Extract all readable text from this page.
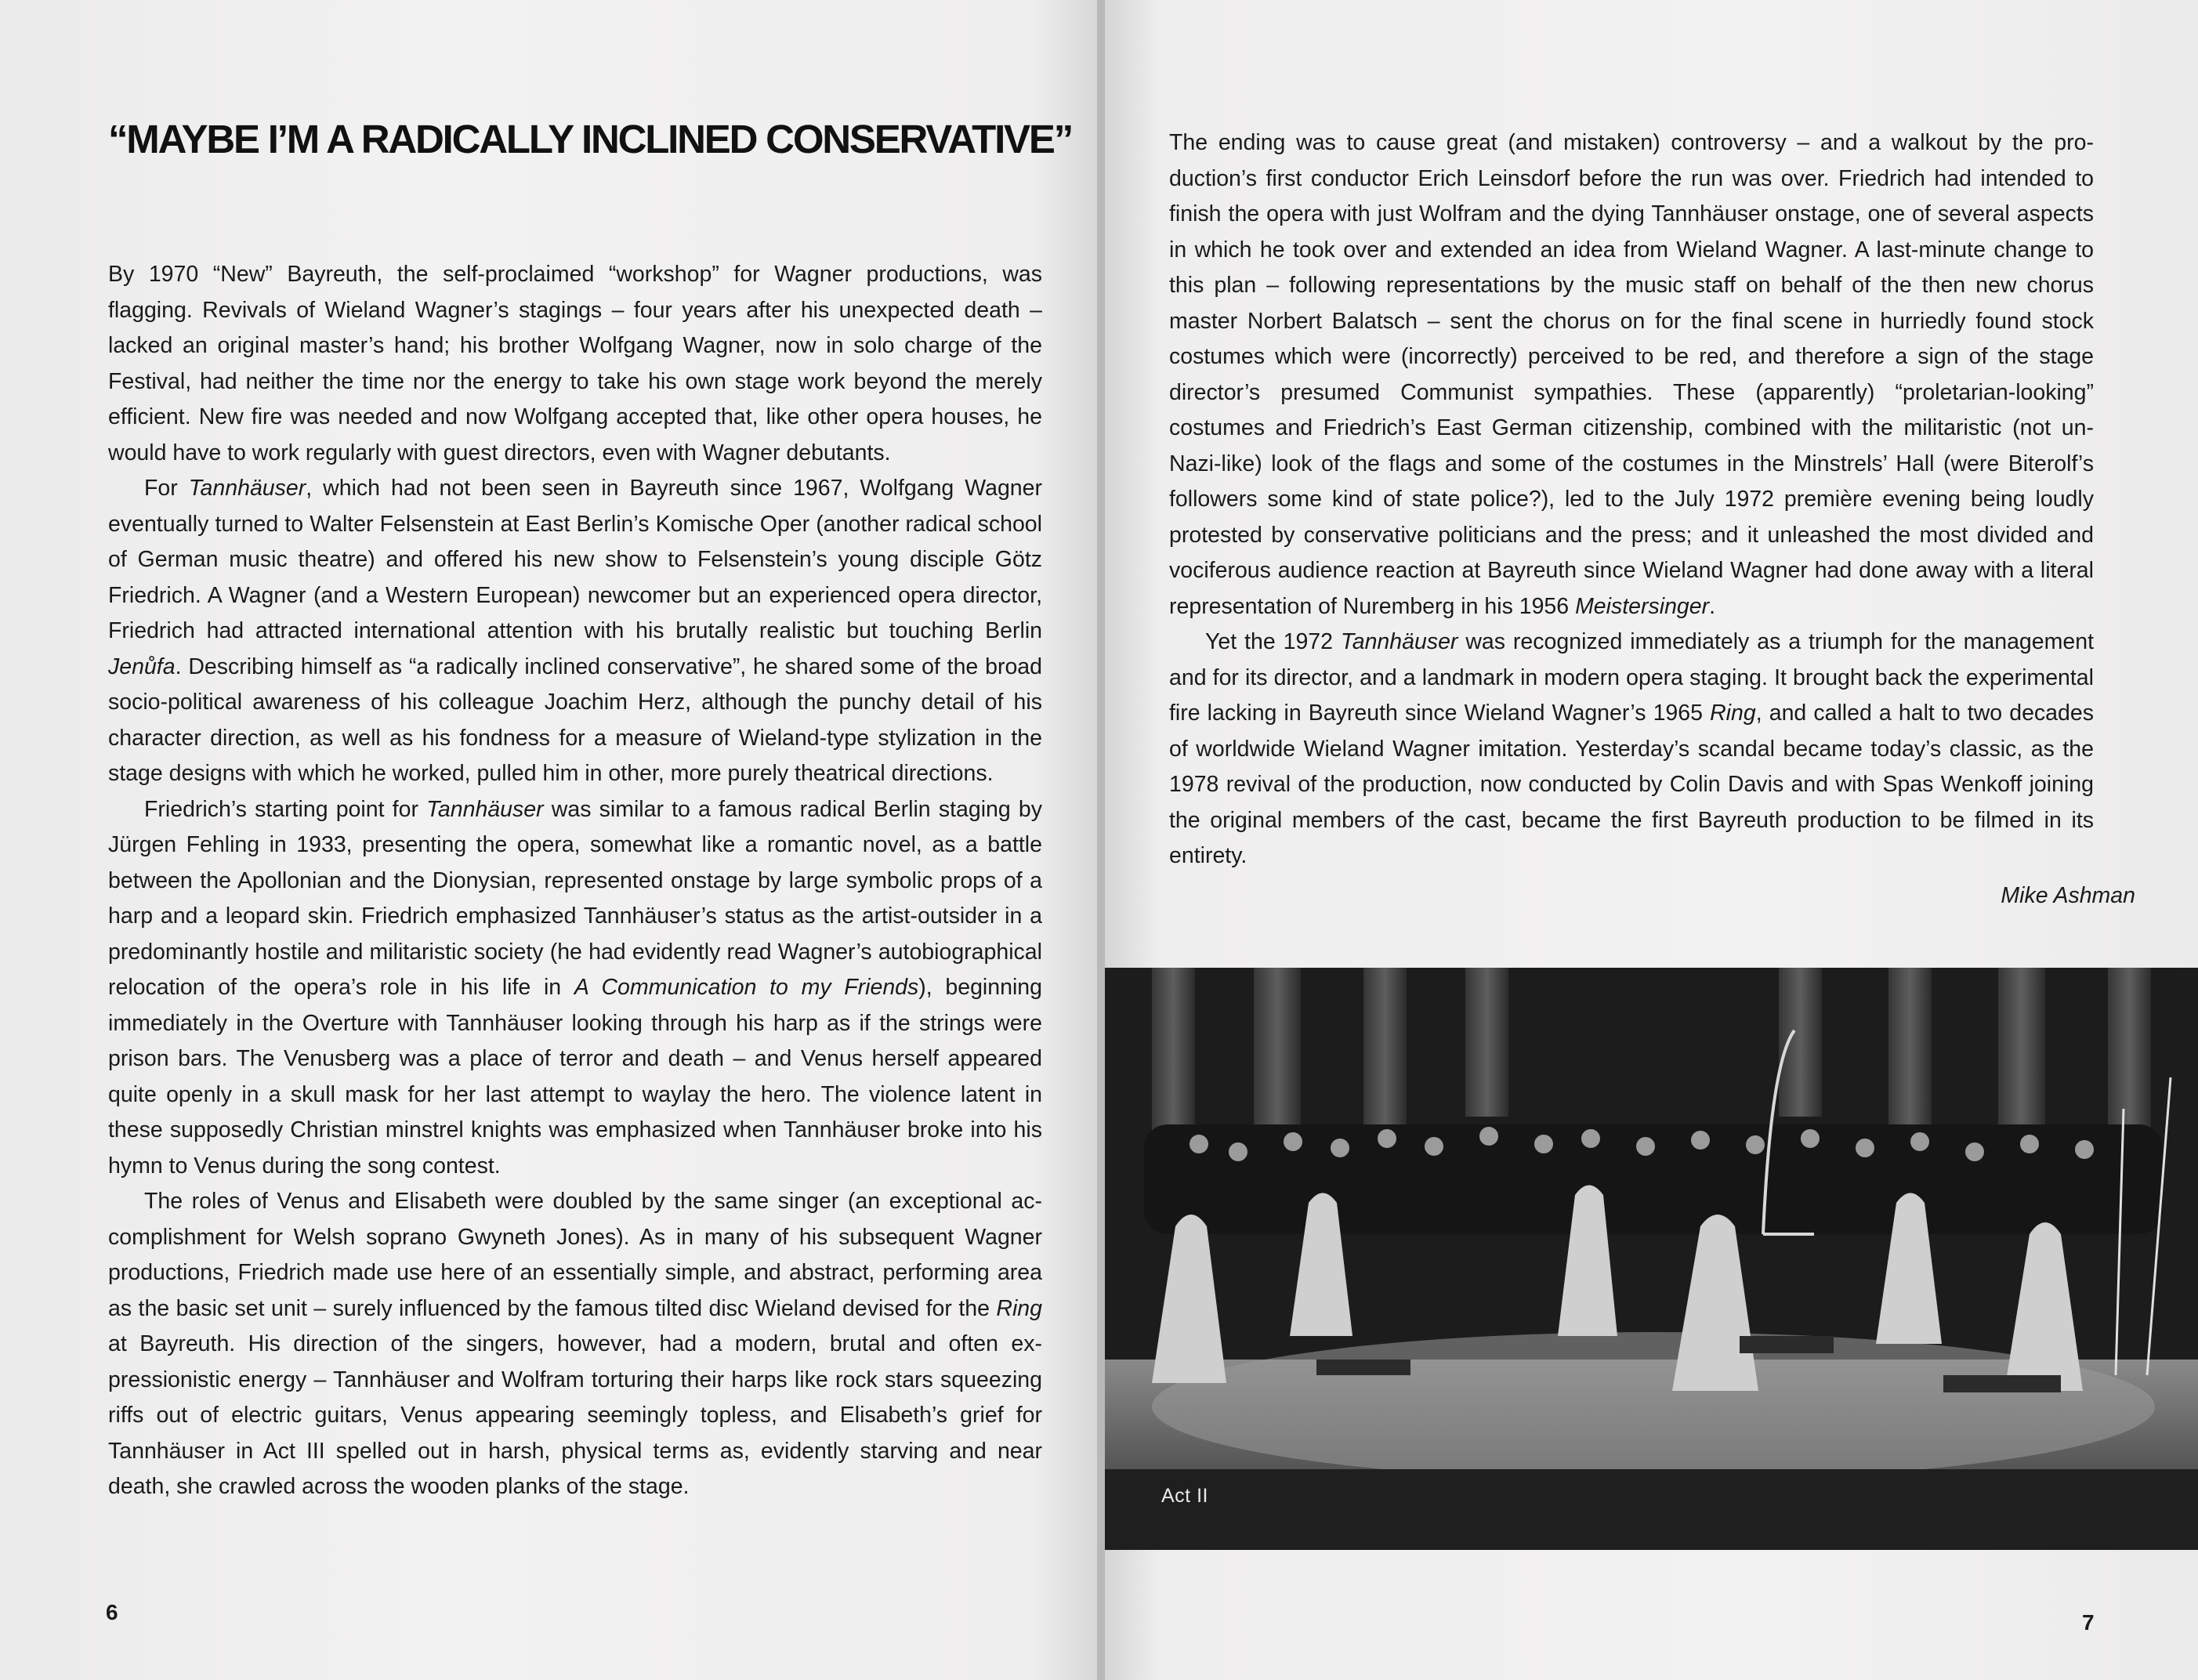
“MAYBE I’M A RADICALLY INCLINED CONSERVATIVE”

By 1970 “New” Bayreuth, the self-proclaimed “workshop” for Wagner productions, was flagging. Revivals of Wieland Wagner’s stagings – four years after his unexpected death – lacked an original master’s hand; his brother Wolfgang Wagner, now in solo charge of the Festival, had neither the time nor the energy to take his own stage work beyond the merely efficient. New fire was needed and now Wolfgang accepted that, like other opera houses, he would have to work regularly with guest directors, even with Wagner debutants.

For Tannhäuser, which had not been seen in Bayreuth since 1967, Wolfgang Wagner eventually turned to Walter Felsenstein at East Berlin’s Komische Oper (another radical school of German music theatre) and offered his new show to Felsenstein’s young disciple Götz Friedrich. A Wagner (and a Western European) newcomer but an experienced opera director, Friedrich had attracted international attention with his brutally realistic but touching Berlin Jenůfa. Describing himself as “a radically inclined conservative”, he shared some of the broad socio-political awareness of his colleague Joachim Herz, although the punchy detail of his character direction, as well as his fondness for a measure of Wieland-type stylization in the stage designs with which he worked, pulled him in other, more purely theatrical directions.

Friedrich’s starting point for Tannhäuser was similar to a famous radical Berlin staging by Jürgen Fehling in 1933, presenting the opera, somewhat like a romantic novel, as a battle between the Apollonian and the Dionysian, represented onstage by large symbolic props of a harp and a leopard skin. Friedrich emphasized Tannhäuser’s status as the artist-outsider in a predominantly hostile and militaristic society (he had evidently read Wagner’s autobiographical relocation of the opera’s role in his life in A Communication to my Friends), beginning immediately in the Overture with Tannhäuser looking through his harp as if the strings were prison bars. The Venusberg was a place of terror and death – and Venus herself appeared quite openly in a skull mask for her last attempt to waylay the hero. The violence latent in these supposedly Christian minstrel knights was emphasized when Tannhäuser broke into his hymn to Venus during the song contest.

The roles of Venus and Elisabeth were doubled by the same singer (an exceptional accomplishment for Welsh soprano Gwyneth Jones). As in many of his subsequent Wagner productions, Friedrich made use here of an essentially simple, and abstract, performing area as the basic set unit – surely influenced by the famous tilted disc Wieland devised for the Ring at Bayreuth. His direction of the singers, however, had a modern, brutal and often expressionistic energy – Tannhäuser and Wolfram torturing their harps like rock stars squeezing riffs out of electric guitars, Venus appearing seemingly topless, and Elisabeth’s grief for Tannhäuser in Act III spelled out in harsh, physical terms as, evidently starving and near death, she crawled across the wooden planks of the stage.

6

The ending was to cause great (and mistaken) controversy – and a walkout by the production’s first conductor Erich Leinsdorf before the run was over. Friedrich had intended to finish the opera with just Wolfram and the dying Tannhäuser onstage, one of several aspects in which he took over and extended an idea from Wieland Wagner. A last-minute change to this plan – following representations by the music staff on behalf of the then new chorus master Norbert Balatsch – sent the chorus on for the final scene in hurriedly found stock costumes which were (incorrectly) perceived to be red, and therefore a sign of the stage director’s presumed Communist sympathies. These (apparently) “proletarian-looking” costumes and Friedrich’s East German citizenship, combined with the militaristic (not un-Nazi-like) look of the flags and some of the costumes in the Minstrels’ Hall (were Biterolf’s followers some kind of state police?), led to the July 1972 première evening being loudly protested by conservative politicians and the press; and it unleashed the most divided and vociferous audience reaction at Bayreuth since Wieland Wagner had done away with a literal representation of Nuremberg in his 1956 Meistersinger.

Yet the 1972 Tannhäuser was recognized immediately as a triumph for the management and for its director, and a landmark in modern opera staging. It brought back the experimental fire lacking in Bayreuth since Wieland Wagner’s 1965 Ring, and called a halt to two decades of worldwide Wieland Wagner imitation. Yesterday’s scandal became today’s classic, as the 1978 revival of the production, now conducted by Colin Davis and with Spas Wenkoff joining the original members of the cast, became the first Bayreuth production to be filmed in its entirety.

Mike Ashman
Act II
7
